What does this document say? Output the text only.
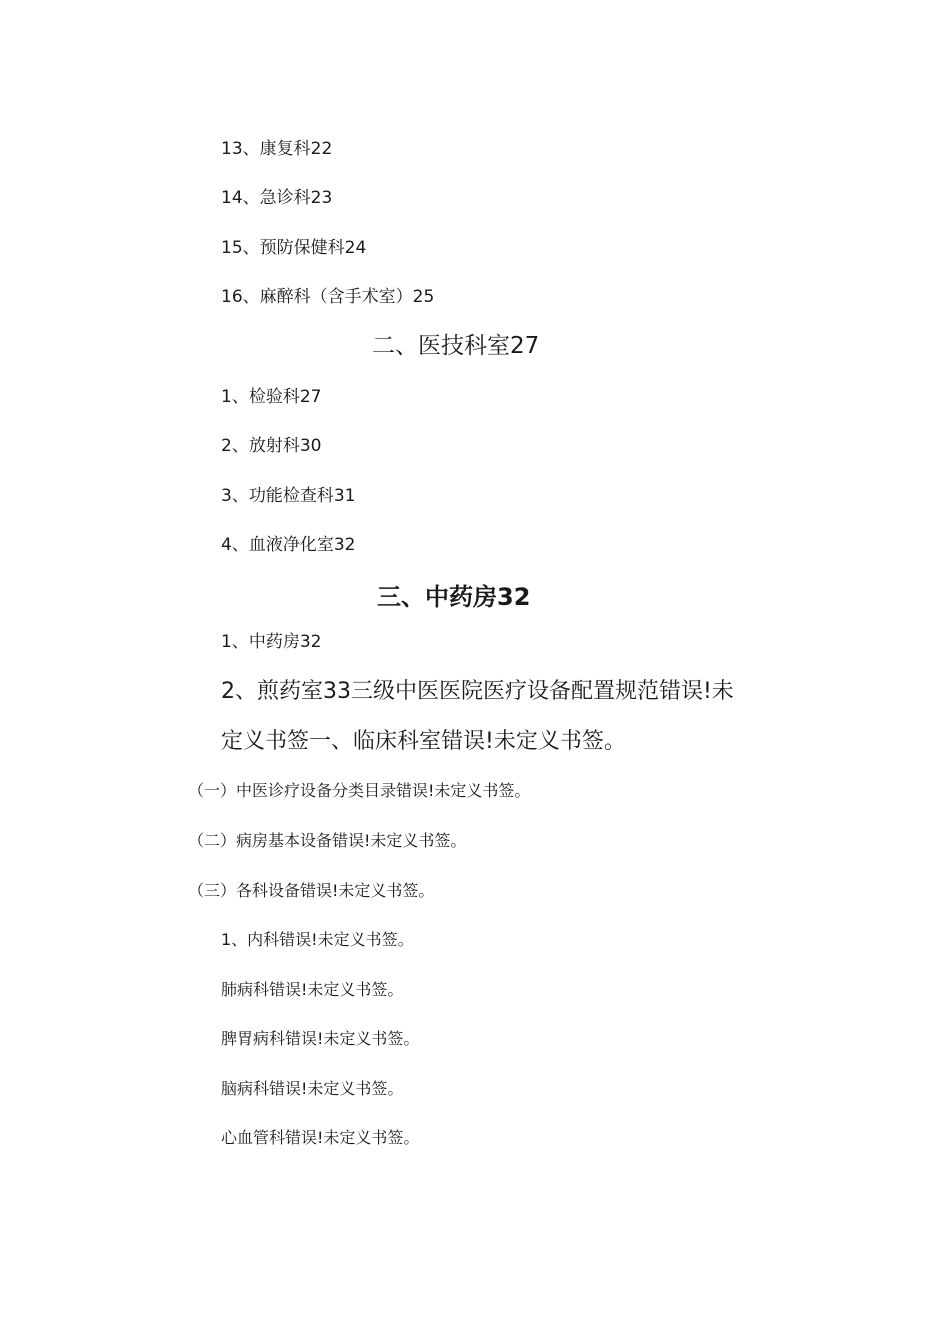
13、康复科22
14、急诊科23
15、预防保健科24
16、麻醉科（含手术室）25
二、医技科室27
1、检验科27
2、放射科30
3、功能检查科31
4、血液净化室32
三、中药房32
1、中药房32
2、煎药室33三级中医医院医疗设备配置规范错误!未
定义书签一、临床科室错误!未定义书签。
（一）中医诊疗设备分类目录错误!未定义书签。
（二）病房基本设备错误!未定义书签。
（三）各科设备错误!未定义书签。
1、内科错误!未定义书签。
肺病科错误!未定义书签。
脾胃病科错误!未定义书签。
脑病科错误!未定义书签。
心血管科错误!未定义书签。
